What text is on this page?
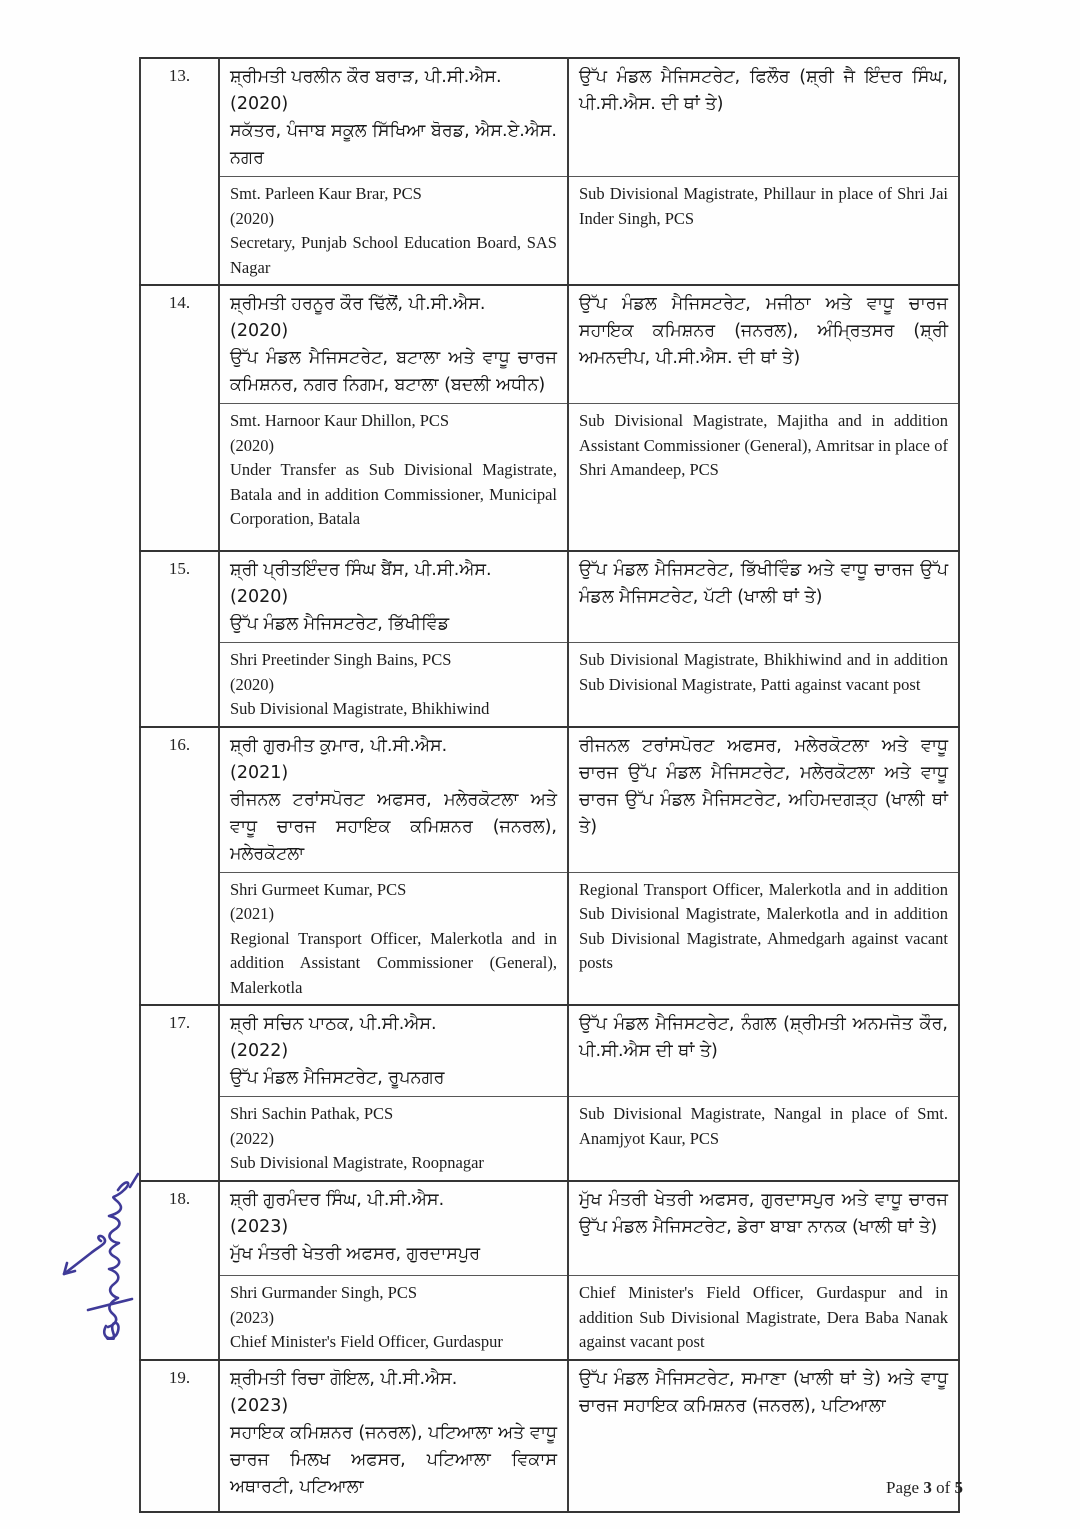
13.	ਸ਼੍ਰੀਮਤੀ ਪਰਲੀਨ ਕੌਰ ਬਰਾੜ, ਪੀ.ਸੀ.ਐਸ.
(2020)
ਸਕੱਤਰ, ਪੰਜਾਬ ਸਕੂਲ ਸਿੱਖਿਆ ਬੋਰਡ, ਐਸ.ਏ.ਐਸ. ਨਗਰ	ਉੱਪ ਮੰਡਲ ਮੈਜਿਸਟਰੇਟ, ਫਿਲੌਰ (ਸ਼੍ਰੀ ਜੈ ਇੰਦਰ ਸਿੰਘ, ਪੀ.ਸੀ.ਐਸ. ਦੀ ਥਾਂ ਤੇ)

	Smt. Parleen Kaur Brar, PCS
(2020)
Secretary, Punjab School Education Board, SAS Nagar	Sub Divisional Magistrate, Phillaur in place of Shri Jai Inder Singh, PCS

14.	ਸ਼੍ਰੀਮਤੀ ਹਰਨੂਰ ਕੌਰ ਢਿੱਲੋਂ, ਪੀ.ਸੀ.ਐਸ.
(2020)
ਉੱਪ ਮੰਡਲ ਮੈਜਿਸਟਰੇਟ, ਬਟਾਲਾ ਅਤੇ ਵਾਧੂ ਚਾਰਜ ਕਮਿਸ਼ਨਰ, ਨਗਰ ਨਿਗਮ, ਬਟਾਲਾ (ਬਦਲੀ ਅਧੀਨ)	ਉੱਪ ਮੰਡਲ ਮੈਜਿਸਟਰੇਟ, ਮਜੀਠਾ ਅਤੇ ਵਾਧੂ ਚਾਰਜ ਸਹਾਇਕ ਕਮਿਸ਼ਨਰ (ਜਨਰਲ), ਅੰਮ੍ਰਿਤਸਰ (ਸ਼੍ਰੀ ਅਮਨਦੀਪ, ਪੀ.ਸੀ.ਐਸ. ਦੀ ਥਾਂ ਤੇ)

	Smt. Harnoor Kaur Dhillon, PCS
(2020)
Under Transfer as Sub Divisional Magistrate, Batala and in addition Commissioner, Municipal Corporation, Batala	Sub Divisional Magistrate, Majitha and in addition Assistant Commissioner (General), Amritsar in place of Shri Amandeep, PCS

15.	ਸ਼੍ਰੀ ਪ੍ਰੀਤਇੰਦਰ ਸਿੰਘ ਬੈਂਸ, ਪੀ.ਸੀ.ਐਸ.
(2020)
ਉੱਪ ਮੰਡਲ ਮੈਜਿਸਟਰੇਟ, ਭਿੱਖੀਵਿੰਡ	ਉੱਪ ਮੰਡਲ ਮੈਜਿਸਟਰੇਟ, ਭਿੱਖੀਵਿੰਡ ਅਤੇ ਵਾਧੂ ਚਾਰਜ ਉੱਪ ਮੰਡਲ ਮੈਜਿਸਟਰੇਟ, ਪੱਟੀ (ਖਾਲੀ ਥਾਂ ਤੇ)

	Shri Preetinder Singh Bains, PCS
(2020)
Sub Divisional Magistrate, Bhikhiwind	Sub Divisional Magistrate, Bhikhiwind and in addition Sub Divisional Magistrate, Patti against vacant post

16.	ਸ਼੍ਰੀ ਗੁਰਮੀਤ ਕੁਮਾਰ, ਪੀ.ਸੀ.ਐਸ.
(2021)
ਰੀਜਨਲ ਟਰਾਂਸਪੋਰਟ ਅਫਸਰ, ਮਲੇਰਕੋਟਲਾ ਅਤੇ ਵਾਧੂ ਚਾਰਜ ਸਹਾਇਕ ਕਮਿਸ਼ਨਰ (ਜਨਰਲ), ਮਲੇਰਕੋਟਲਾ	ਰੀਜਨਲ ਟਰਾਂਸਪੋਰਟ ਅਫਸਰ, ਮਲੇਰਕੋਟਲਾ ਅਤੇ ਵਾਧੂ ਚਾਰਜ ਉੱਪ ਮੰਡਲ ਮੈਜਿਸਟਰੇਟ, ਮਲੇਰਕੋਟਲਾ ਅਤੇ ਵਾਧੂ ਚਾਰਜ ਉੱਪ ਮੰਡਲ ਮੈਜਿਸਟਰੇਟ, ਅਹਿਮਦਗੜ੍ਹ (ਖਾਲੀ ਥਾਂ ਤੇ)

	Shri Gurmeet Kumar, PCS
(2021)
Regional Transport Officer, Malerkotla and in addition Assistant Commissioner (General), Malerkotla	Regional Transport Officer, Malerkotla and in addition Sub Divisional Magistrate, Malerkotla and in addition Sub Divisional Magistrate, Ahmedgarh against vacant posts

17.	ਸ਼੍ਰੀ ਸਚਿਨ ਪਾਠਕ, ਪੀ.ਸੀ.ਐਸ.
(2022)
ਉੱਪ ਮੰਡਲ ਮੈਜਿਸਟਰੇਟ, ਰੂਪਨਗਰ	ਉੱਪ ਮੰਡਲ ਮੈਜਿਸਟਰੇਟ, ਨੰਗਲ (ਸ਼੍ਰੀਮਤੀ ਅਨਮਜੋਤ ਕੌਰ, ਪੀ.ਸੀ.ਐਸ ਦੀ ਥਾਂ ਤੇ)

	Shri Sachin Pathak, PCS
(2022)
Sub Divisional Magistrate, Roopnagar	Sub Divisional Magistrate, Nangal in place of Smt. Anamjyot Kaur, PCS

18.	ਸ਼੍ਰੀ ਗੁਰਮੰਦਰ ਸਿੰਘ, ਪੀ.ਸੀ.ਐਸ.
(2023)
ਮੁੱਖ ਮੰਤਰੀ ਖੇਤਰੀ ਅਫਸਰ, ਗੁਰਦਾਸਪੁਰ	ਮੁੱਖ ਮੰਤਰੀ ਖੇਤਰੀ ਅਫਸਰ, ਗੁਰਦਾਸਪੁਰ ਅਤੇ ਵਾਧੂ ਚਾਰਜ ਉੱਪ ਮੰਡਲ ਮੈਜਿਸਟਰੇਟ, ਡੇਰਾ ਬਾਬਾ ਨਾਨਕ (ਖਾਲੀ ਥਾਂ ਤੇ)

	Shri Gurmander Singh, PCS
(2023)
Chief Minister's Field Officer, Gurdaspur	Chief Minister's Field Officer, Gurdaspur and in addition Sub Divisional Magistrate, Dera Baba Nanak against vacant post

19.	ਸ਼੍ਰੀਮਤੀ ਰਿਚਾ ਗੋਇਲ, ਪੀ.ਸੀ.ਐਸ.
(2023)
ਸਹਾਇਕ ਕਮਿਸ਼ਨਰ (ਜਨਰਲ), ਪਟਿਆਲਾ ਅਤੇ ਵਾਧੂ ਚਾਰਜ ਮਿਲਖ ਅਫਸਰ, ਪਟਿਆਲਾ ਵਿਕਾਸ ਅਥਾਰਟੀ, ਪਟਿਆਲਾ	ਉੱਪ ਮੰਡਲ ਮੈਜਿਸਟਰੇਟ, ਸਮਾਣਾ (ਖਾਲੀ ਥਾਂ ਤੇ) ਅਤੇ ਵਾਧੂ ਚਾਰਜ ਸਹਾਇਕ ਕਮਿਸ਼ਨਰ (ਜਨਰਲ), ਪਟਿਆਲਾ
Page 3 of 5
